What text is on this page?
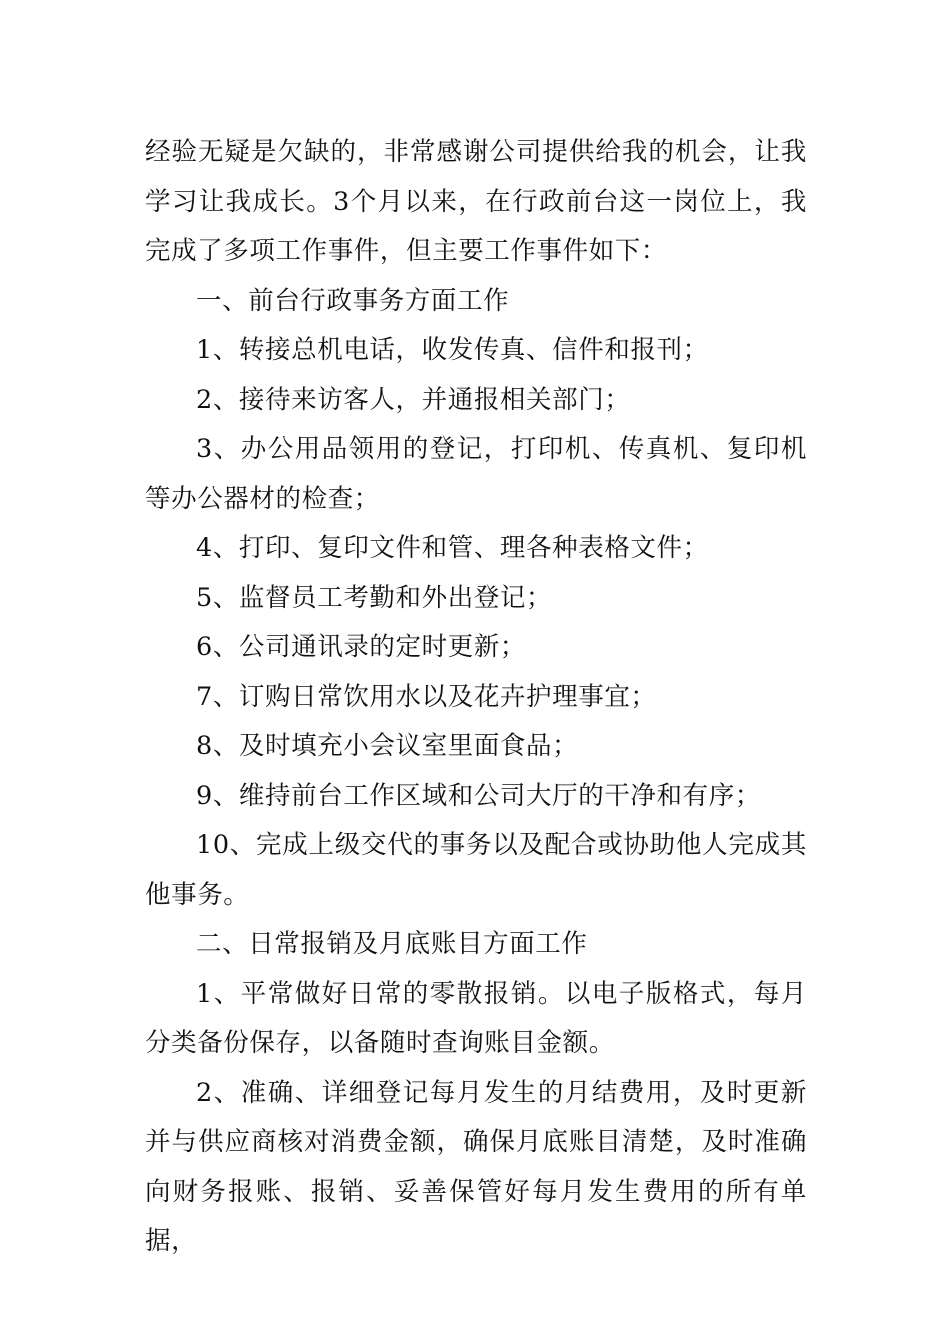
经验无疑是欠缺的，非常感谢公司提供给我的机会，让我学习让我成长。3个月以来，在行政前台这一岗位上，我完成了多项工作事件，但主要工作事件如下：

一、前台行政事务方面工作

1、转接总机电话，收发传真、信件和报刊；

2、接待来访客人，并通报相关部门；

3、办公用品领用的登记，打印机、传真机、复印机等办公器材的检查；

4、打印、复印文件和管、理各种表格文件；

5、监督员工考勤和外出登记；

6、公司通讯录的定时更新；

7、订购日常饮用水以及花卉护理事宜；

8、及时填充小会议室里面食品；

9、维持前台工作区域和公司大厅的干净和有序；

10、完成上级交代的事务以及配合或协助他人完成其他事务。

二、日常报销及月底账目方面工作

1、平常做好日常的零散报销。以电子版格式，每月分类备份保存，以备随时查询账目金额。

2、准确、详细登记每月发生的月结费用，及时更新并与供应商核对消费金额，确保月底账目清楚，及时准确向财务报账、报销、妥善保管好每月发生费用的所有单据，
